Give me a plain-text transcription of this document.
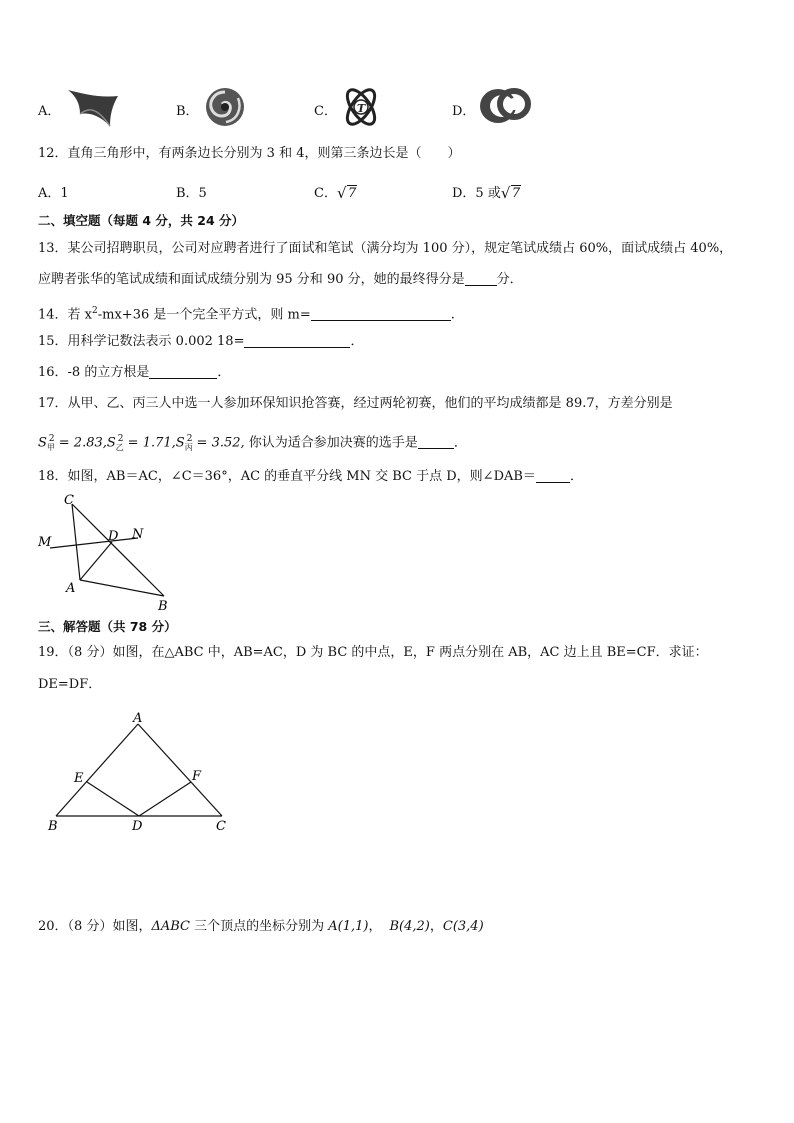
A．	B．	C． T	D．
12．直角三角形中，有两条边长分别为 3 和 4，则第三条边长是（　　）
A．1	B．5	C． √ 7	D．5 或 √ 7
二、填空题（每题 4 分，共 24 分）
13．某公司招聘职员，公司对应聘者进行了面试和笔试（满分均为 100 分），规定笔试成绩占 60%，面试成绩占 40%，
应聘者张华的笔试成绩和面试成绩分别为 95 分和 90 分，她的最终得分是 分．
14．若 $x^2-mx+36$ 是一个完全平方式，则 m=	.
15．用科学记数法表示 0.002 18=	．
16．-8 的立方根是	．
17．从甲、乙、丙三人中选一人参加环保知识抢答赛，经过两轮初赛，他们的平均成绩都是 89.7，方差分别是
$S_甲^2 = 2.83,S_乙^2 = 1.71,S_丙^2 = 3.52$, 你认为适合参加决赛的选手是	．
18．如图，AB＝AC，∠C＝36°，AC 的垂直平分线 MN 交 BC 于点 D，则∠DAB＝	．
C
M	D N
A
B
三、解答题（共 78 分）
19．（8 分）如图，在△ABC 中，AB=AC，D 为 BC 的中点，E，F 两点分别在 AB，AC 边上且 BE=CF．求证：
DE=DF．
A
E	F
B	D	C
20．（8 分）如图，ΔABC 三个顶点的坐标分别为 A(1,1)， B(4,2)，C(3,4)
